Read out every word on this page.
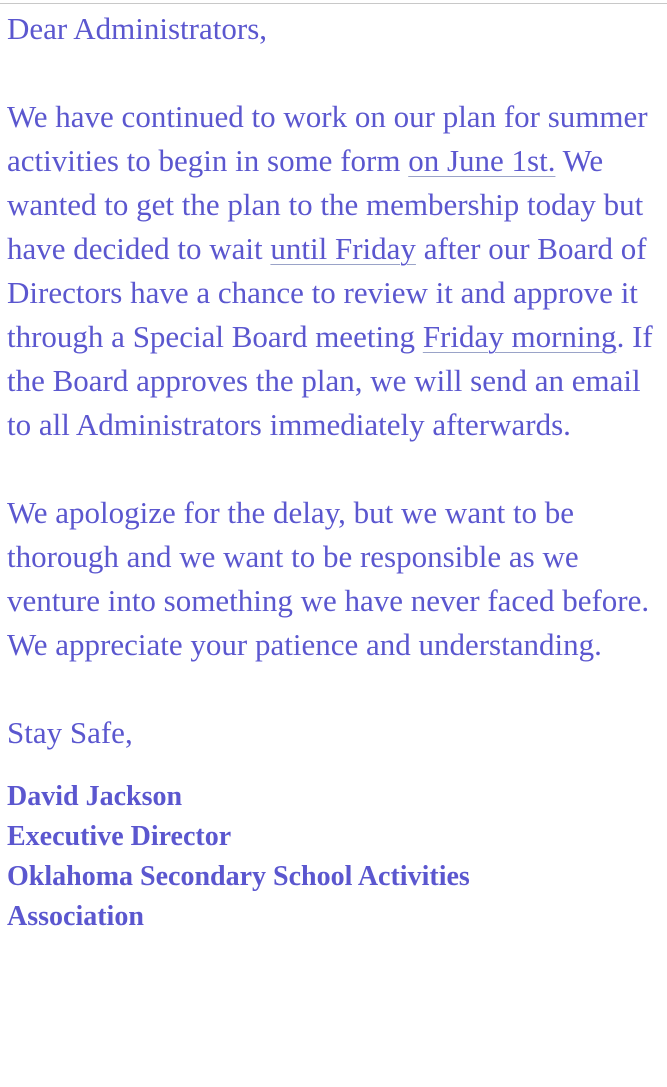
Dear Administrators,

We have continued to work on our plan for summer activities to begin in some form on June 1st. We wanted to get the plan to the membership today but have decided to wait until Friday after our Board of Directors have a chance to review it and approve it through a Special Board meeting Friday morning. If the Board approves the plan, we will send an email to all Administrators immediately afterwards.

We apologize for the delay, but we want to be thorough and we want to be responsible as we venture into something we have never faced before. We appreciate your patience and understanding.

Stay Safe,

David Jackson
Executive Director
Oklahoma Secondary School Activities
Association
